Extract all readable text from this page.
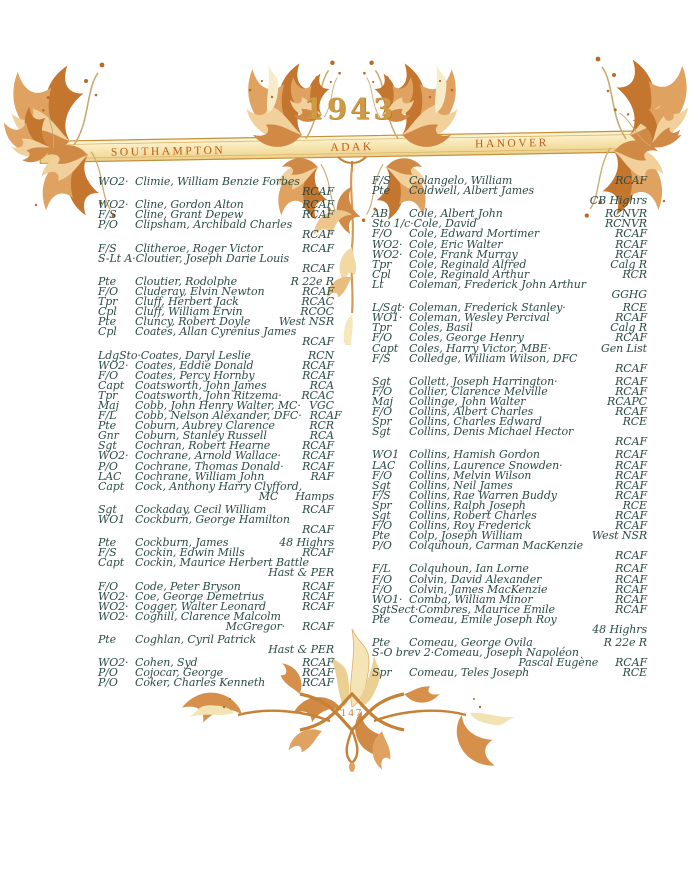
1943
SOUTHAMPTON	ADAK	HANOVER
147
WO2· Climie, William Benzie Forbes
RCAF
WO2· Cline, Gordon Alton	RCAF
F/S	Cline, Grant Depew	RCAF
P/O	Clipsham, Archibald Charles
RCAF
F/S	Clitheroe, Roger Victor	RCAF
S-Lt A· Cloutier, Joseph Darie Louis
RCAF
Pte	Cloutier, Rodolphe	R 22e R
F/O	Cluderay, Elvin Newton	RCAF
Tpr	Cluff, Herbert Jack	RCAC
Cpl	Cluff, William Ervin	RCOC
Pte	Cluncy, Robert Doyle	West NSR
Cpl	Coates, Allan Cyrenius James
RCAF
LdgSto· Coates, Daryl Leslie	RCN
WO2· Coates, Eddie Donald	RCAF
F/O	Coates, Percy Hornby	RCAF
Capt Coatsworth, John James	RCA
Tpr	Coatsworth, John Ritzema·	RCAC
Maj	Cobb, John Henry Walter, MC· VGC
F/L	Cobb, Nelson Alexander, DFC· RCAF
Pte	Coburn, Aubrey Clarence	RCR
Gnr	Coburn, Stanley Russell	RCA
Sgt	Cochran, Robert Hearne	RCAF
WO2· Cochrane, Arnold Wallace·	RCAF
P/O	Cochrane, Thomas Donald·	RCAF
LAC	Cochrane, William John	RAF
Capt Cock, Anthony Harry Clyfford,
MC Hamps
Sgt	Cockaday, Cecil William	RCAF
WO1 Cockburn, George Hamilton
RCAF
Pte	Cockburn, James	48 Highrs
F/S	Cockin, Edwin Mills	RCAF
Capt Cockin, Maurice Herbert Battle
Hast & PER
F/O	Code, Peter Bryson	RCAF
WO2· Coe, George Demetrius	RCAF
WO2· Cogger, Walter Leonard	RCAF
WO2· Coghill, Clarence Malcolm
McGregor· RCAF
Pte	Coghlan, Cyril Patrick
Hast & PER
WO2· Cohen, Syd	RCAF
P/O	Cojocar, George	RCAF
P/O	Coker, Charles Kenneth	RCAF
F/S	Colangelo, William	RCAF
Pte	Coldwell, Albert James
CB Highrs
AB	Cole, Albert John	RCNVR
Sto 1/c· Cole, David	RCNVR
F/O	Cole, Edward Mortimer	RCAF
WO2· Cole, Eric Walter	RCAF
WO2· Cole, Frank Murray	RCAF
Tpr	Cole, Reginald Alfred	Calg R
Cpl	Cole, Reginald Arthur	RCR
Lt	Coleman, Frederick John Arthur
GGHG
L/Sgt· Coleman, Frederick Stanley·	RCE
WO1· Coleman, Wesley Percival	RCAF
Tpr	Coles, Basil	Calg R
F/O	Coles, George Henry	RCAF
Capt Coles, Harry Victor, MBE·	Gen List
F/S	Colledge, William Wilson, DFC
RCAF
Sgt	Collett, Joseph Harrington·	RCAF
F/O	Collier, Clarence Melville	RCAF
Maj	Collinge, John Walter	RCAPC
F/O	Collins, Albert Charles	RCAF
Spr	Collins, Charles Edward	RCE
Sgt	Collins, Denis Michael Hector
RCAF
WO1 Collins, Hamish Gordon	RCAF
LAC	Collins, Laurence Snowden·	RCAF
F/O	Collins, Melvin Wilson	RCAF
Sgt	Collins, Neil James	RCAF
F/S	Collins, Rae Warren Buddy	RCAF
Spr	Collins, Ralph Joseph	RCE
Sgt	Collins, Robert Charles	RCAF
F/O	Collins, Roy Frederick	RCAF
Pte	Colp, Joseph William	West NSR
P/O	Colquhoun, Carman MacKenzie
RCAF
F/L	Colquhoun, Ian Lorne	RCAF
F/O	Colvin, David Alexander	RCAF
F/O	Colvin, James MacKenzie	RCAF
WO1· Comba, William Minor	RCAF
SgtSect· Combres, Maurice Emile	RCAF
Pte	Comeau, Emile Joseph Roy
48 Highrs
Pte	Comeau, George Ovila	R 22e R
S-O brev 2· Comeau, Joseph Napoléon
Pascal Eugène RCAF
Spr	Comeau, Teles Joseph	RCE
